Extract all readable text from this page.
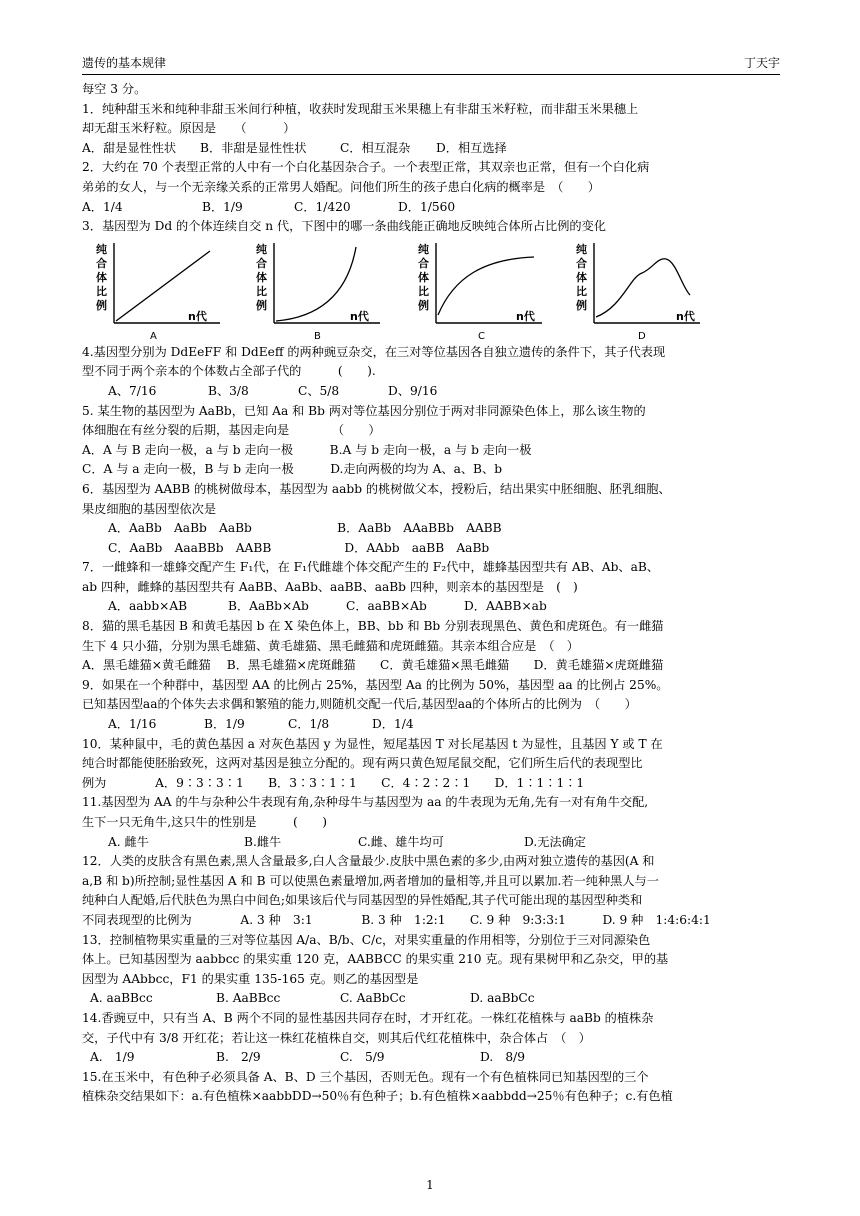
遗传的基本规律	丁天宇
每空 3 分。
1．纯种甜玉米和纯种非甜玉米间行种植，收获时发现甜玉米果穗上有非甜玉米籽粒，而非甜玉米果穗上
却无甜玉米籽粒。原因是　　（　　　）
A．甜是显性性状	B．非甜是显性性状	C．相互混杂	D．相互选择
2．大约在 70 个表型正常的人中有一个白化基因杂合子。一个表型正常，其双亲也正常，但有一个白化病
弟弟的女人，与一个无亲缘关系的正常男人婚配。问他们所生的孩子患白化病的概率是　（　　）
A．1/4	B．1/9	C．1/420	D．1/560
3．基因型为 Dd 的个体连续自交 n 代，下图中的哪一条曲线能正确地反映纯合体所占比例的变化
纯
合
体
比
例
n代
A
纯
合
体
比
例
n代
B
纯
合
体
比
例
n代
C
纯
合
体
比
例
n代
D
4.基因型分别为 DdEeFF 和 DdEeff 的两种豌豆杂交，在三对等位基因各自独立遗传的条件下，其子代表现
型不同于两个亲本的个体数占全部子代的　　　(　　).
A、7/16	B、3/8	C、5/8	D、9/16
5. 某生物的基因型为 AaBb，已知 Aa 和 Bb 两对等位基因分别位于两对非同源染色体上，那么该生物的
体细胞在有丝分裂的后期，基因走向是　　　　（　　）
A．A 与 B 走向一极，a 与 b 走向一极　　　B.A 与 b 走向一极，a 与 b 走向一极
C．A 与 a 走向一极，B 与 b 走向一极　　　D.走向两极的均为 A、a、B、b
6．基因型为 AABB 的桃树做母本，基因型为 aabb 的桃树做父本，授粉后，结出果实中胚细胞、胚乳细胞、
果皮细胞的基因型依次是
A．AaBb　AaBb　AaBb　　　　　　　B．AaBb　AAaBBb　AABB
C．AaBb　AaaBBb　AABB　　　　　　D．AAbb　aaBB　AaBb
7．一雌蜂和一雄蜂交配产生 F₁代，在 F₁代雌雄个体交配产生的 F₂代中，雄蜂基因型共有 AB、Ab、aB、
ab 四种，雌蜂的基因型共有 AaBB、AaBb、aaBB、aaBb 四种，则亲本的基因型是　(　)
A．aabb×AB	B．AaBb×Ab	C．aaBB×Ab	D．AABB×ab
8．猫的黑毛基因 B 和黄毛基因 b 在 X 染色体上，BB、bb 和 Bb 分别表现黑色、黄色和虎斑色。有一雌猫
生下 4 只小猫，分别为黑毛雄猫、黄毛雄猫、黑毛雌猫和虎斑雌猫。其亲本组合应是　（　）
A．黑毛雄猫×黄毛雌猫　 B．黑毛雄猫×虎斑雌猫　　C．黄毛雄猫×黑毛雌猫　　D．黄毛雄猫×虎斑雌猫
9．如果在一个种群中，基因型 AA 的比例占 25%，基因型 Aa 的比例为 50%，基因型 aa 的比例占 25%。
已知基因型aa的个体失去求偶和繁殖的能力,则随机交配一代后,基因型aa的个体所占的比例为　（　　）
A．1/16	B．1/9	C．1/8	D．1/4
10．某种鼠中，毛的黄色基因 a 对灰色基因 y 为显性，短尾基因 T 对长尾基因 t 为显性，且基因 Y 或 T 在
纯合时都能使胚胎致死，这两对基因是独立分配的。现有两只黄色短尾鼠交配，它们所生后代的表现型比
例为　　　　A．9∶3∶3∶1　　B．3∶3∶1∶1　　C．4∶2∶2∶1　　D．1∶1∶1∶1
11.基因型为 AA 的牛与杂种公牛表现有角,杂种母牛与基因型为 aa 的牛表现为无角,先有一对有角牛交配,
生下一只无角牛,这只牛的性别是　　　(　　)
A. 雌牛	B.雌牛	C.雌、雄牛均可	D.无法确定
12．人类的皮肤含有黑色素,黑人含量最多,白人含量最少.皮肤中黑色素的多少,由两对独立遗传的基因(A 和
a,B 和 b)所控制;显性基因 A 和 B 可以使黑色素量增加,两者增加的量相等,并且可以累加.若一纯种黑人与一
纯种白人配婚,后代肤色为黑白中间色;如果该后代与同基因型的异性婚配,其子代可能出现的基因型种类和
不同表现型的比例为　　　　A. 3 种　3:1　　　　B. 3 种　1:2:1　　C. 9 种　9:3:3:1　　　D. 9 种　1:4:6:4:1
13．控制植物果实重量的三对等位基因 A/a、B/b、C/c，对果实重量的作用相等，分别位于三对同源染色
体上。已知基因型为 aabbcc 的果实重 120 克，AABBCC 的果实重 210 克。现有果树甲和乙杂交，甲的基
因型为 AAbbcc，F1 的果实重 135-165 克。则乙的基因型是
A. aaBBcc	B. AaBBcc	C. AaBbCc	D. aaBbCc
14.香豌豆中，只有当 A、B 两个不同的显性基因共同存在时，才开红花。一株红花植株与 aaBb 的植株杂
交，子代中有 3/8 开红花；若让这一株红花植株自交，则其后代红花植株中，杂合体占　（　）
A.　1/9	B.　2/9	C.　5/9	D.　8/9
15.在玉米中，有色种子必须具备 A、B、D 三个基因，否则无色。现有一个有色植株同已知基因型的三个
植株杂交结果如下：a.有色植株×aabbDD→50％有色种子；b.有色植株×aabbdd→25％有色种子；c.有色植
1
